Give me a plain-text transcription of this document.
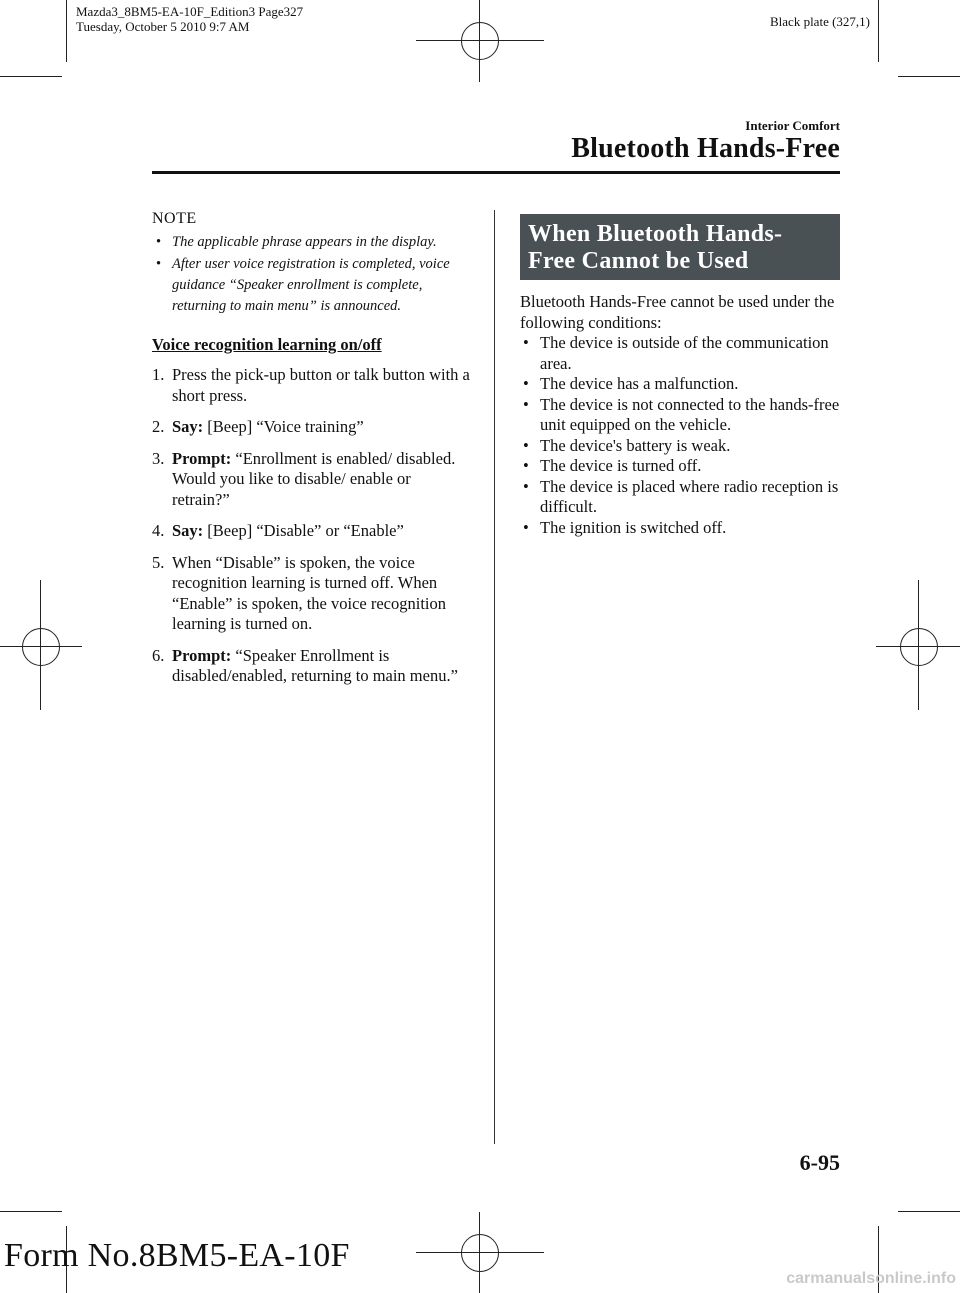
Mazda3_8BM5-EA-10F_Edition3 Page327
Tuesday, October 5 2010 9:7 AM	Black plate (327,1)
Interior Comfort
Bluetooth Hands-Free
NOTE
• The applicable phrase appears in the display.
• After user voice registration is completed, voice guidance “Speaker enrollment is complete, returning to main menu” is announced.
Voice recognition learning on/off
1. Press the pick-up button or talk button with a short press.
2. Say: [Beep] “Voice training”
3. Prompt: “Enrollment is enabled/ disabled. Would you like to disable/ enable or retrain?”
4. Say: [Beep] “Disable” or “Enable”
5. When “Disable” is spoken, the voice recognition learning is turned off. When “Enable” is spoken, the voice recognition learning is turned on.
6. Prompt: “Speaker Enrollment is disabled/enabled, returning to main menu.”
When Bluetooth Hands-
Free Cannot be Used
Bluetooth Hands-Free cannot be used under the following conditions:
• The device is outside of the communication area.
• The device has a malfunction.
• The device is not connected to the hands-free unit equipped on the vehicle.
• The device's battery is weak.
• The device is turned off.
• The device is placed where radio reception is difficult.
• The ignition is switched off.
6-95
Form No.8BM5-EA-10F
carmanualsonline.info
